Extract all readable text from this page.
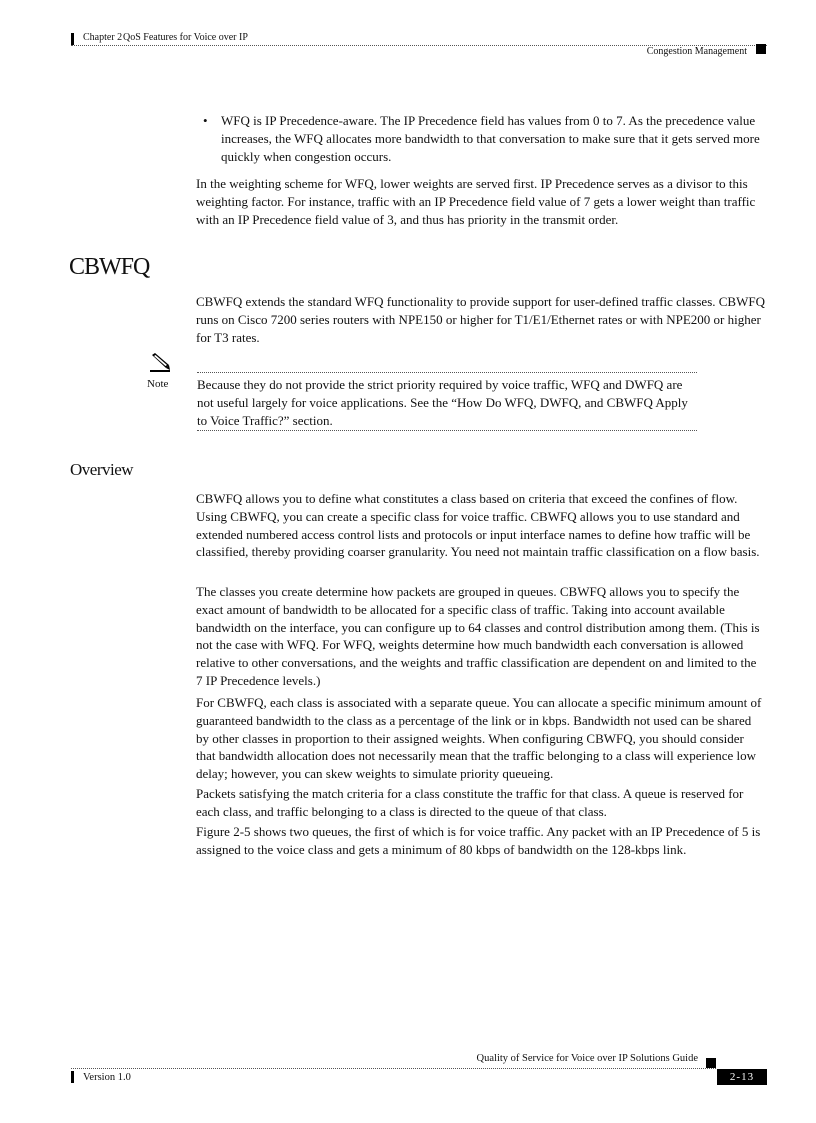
Chapter 2 QoS Features for Voice over IP
Congestion Management
• WFQ is IP Precedence-aware. The IP Precedence field has values from 0 to 7. As the precedence value increases, the WFQ allocates more bandwidth to that conversation to make sure that it gets served more quickly when congestion occurs.

In the weighting scheme for WFQ, lower weights are served first. IP Precedence serves as a divisor to this weighting factor. For instance, traffic with an IP Precedence field value of 7 gets a lower weight than traffic with an IP Precedence field value of 3, and thus has priority in the transmit order.

CBWFQ

CBWFQ extends the standard WFQ functionality to provide support for user-defined traffic classes. CBWFQ runs on Cisco 7200 series routers with NPE150 or higher for T1/E1/Ethernet rates or with NPE200 or higher for T3 rates.

Note Because they do not provide the strict priority required by voice traffic, WFQ and DWFQ are not useful largely for voice applications. See the “How Do WFQ, DWFQ, and CBWFQ Apply to Voice Traffic?” section.

Overview

CBWFQ allows you to define what constitutes a class based on criteria that exceed the confines of flow. Using CBWFQ, you can create a specific class for voice traffic. CBWFQ allows you to use standard and extended numbered access control lists and protocols or input interface names to define how traffic will be classified, thereby providing coarser granularity. You need not maintain traffic classification on a flow basis.

The classes you create determine how packets are grouped in queues. CBWFQ allows you to specify the exact amount of bandwidth to be allocated for a specific class of traffic. Taking into account available bandwidth on the interface, you can configure up to 64 classes and control distribution among them. (This is not the case with WFQ. For WFQ, weights determine how much bandwidth each conversation is allowed relative to other conversations, and the weights and traffic classification are dependent on and limited to the 7 IP Precedence levels.)

For CBWFQ, each class is associated with a separate queue. You can allocate a specific minimum amount of guaranteed bandwidth to the class as a percentage of the link or in kbps. Bandwidth not used can be shared by other classes in proportion to their assigned weights. When configuring CBWFQ, you should consider that bandwidth allocation does not necessarily mean that the traffic belonging to a class will experience low delay; however, you can skew weights to simulate priority queueing.

Packets satisfying the match criteria for a class constitute the traffic for that class. A queue is reserved for each class, and traffic belonging to a class is directed to the queue of that class.

Figure 2-5 shows two queues, the first of which is for voice traffic. Any packet with an IP Precedence of 5 is assigned to the voice class and gets a minimum of 80 kbps of bandwidth on the 128-kbps link.

Quality of Service for Voice over IP Solutions Guide
Version 1.0	2-13
